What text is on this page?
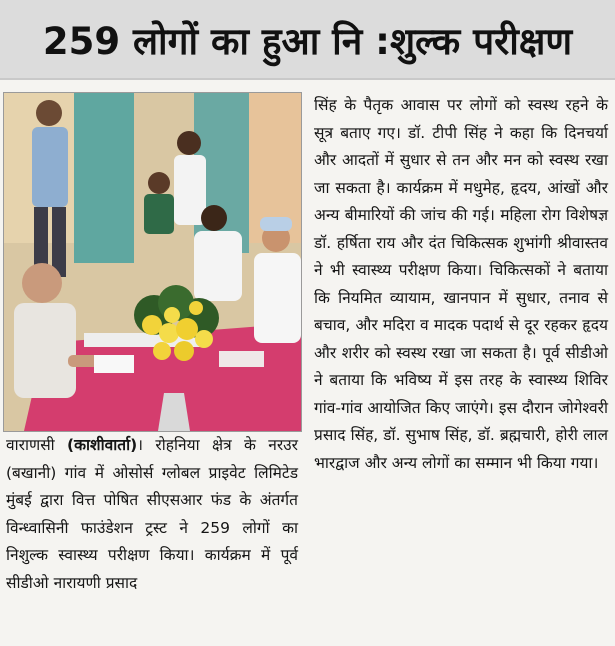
259 लोगों का हुआ नि :शुल्क परीक्षण

वाराणसी (काशीवार्ता)। रोहनिया क्षेत्र के नरउर (बखानी) गांव में ओसोर्स ग्लोबल प्राइवेट लिमिटेड मुंबई द्वारा वित्त पोषित सीएसआर फंड के अंतर्गत विन्ध्वासिनी फाउंडेशन ट्रस्ट ने 259 लोगों का निशुल्क स्वास्थ्य परीक्षण किया। कार्यक्रम में पूर्व सीडीओ नारायणी प्रसाद

सिंह के पैतृक आवास पर लोगों को स्वस्थ रहने के सूत्र बताए गए। डॉ. टीपी सिंह ने कहा कि दिनचर्या और आदतों में सुधार से तन और मन को स्वस्थ रखा जा सकता है। कार्यक्रम में मधुमेह, हृदय, आंखों और अन्य बीमारियों की जांच की गई। महिला रोग विशेषज्ञ डॉ. हर्षिता राय और दंत चिकित्सक शुभांगी श्रीवास्तव ने भी स्वास्थ्य परीक्षण किया। चिकित्सकों ने बताया कि नियमित व्यायाम, खानपान में सुधार, तनाव से बचाव, और मदिरा व मादक पदार्थ से दूर रहकर हृदय और शरीर को स्वस्थ रखा जा सकता है। पूर्व सीडीओ ने बताया कि भविष्य में इस तरह के स्वास्थ्य शिविर गांव-गांव आयोजित किए जाएंगे। इस दौरान जोगेश्वरी प्रसाद सिंह, डॉ. सुभाष सिंह, डॉ. ब्रह्मचारी, होरी लाल भारद्वाज और अन्य लोगों का सम्मान भी किया गया।
